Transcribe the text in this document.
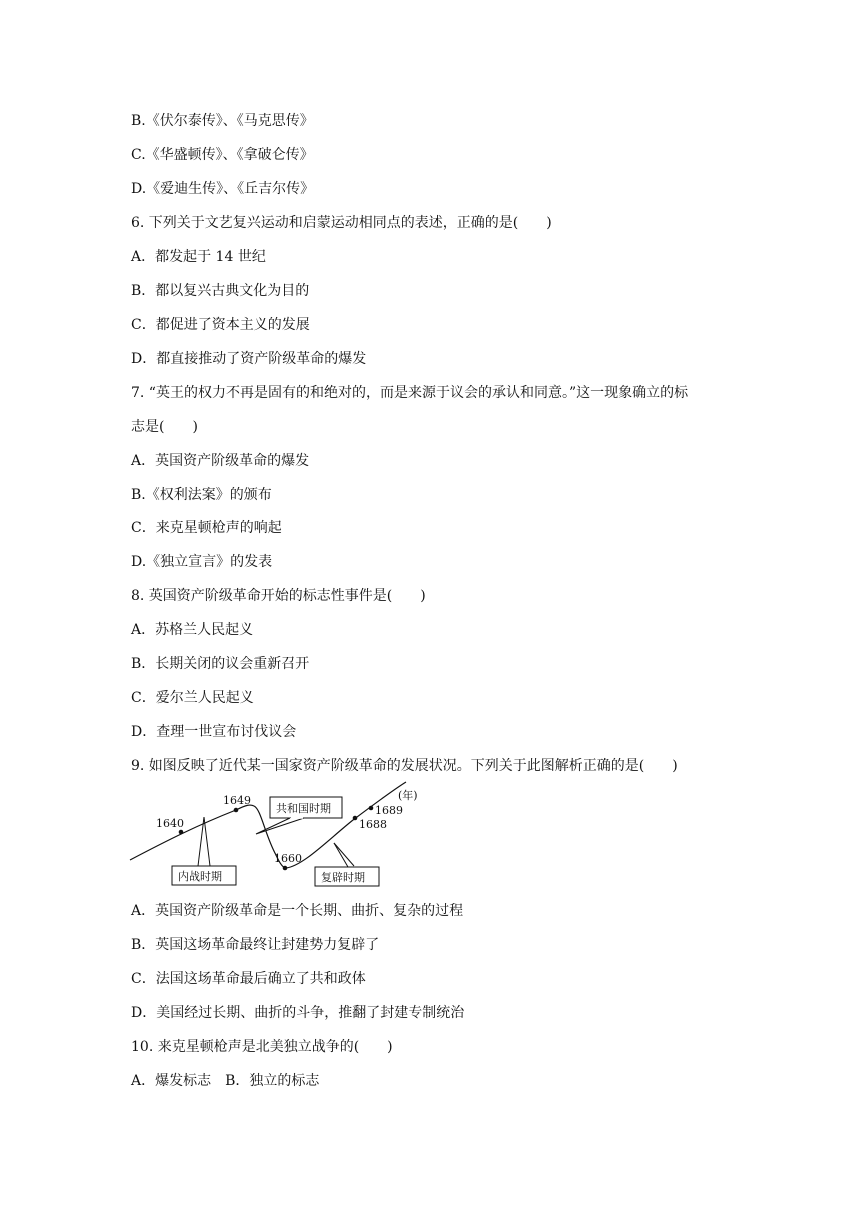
B.《伏尔泰传》、《马克思传》
C.《华盛顿传》、《拿破仑传》
D.《爱迪生传》、《丘吉尔传》
6. 下列关于文艺复兴运动和启蒙运动相同点的表述，正确的是(　　)
A．都发起于 14 世纪
B．都以复兴古典文化为目的
C．都促进了资本主义的发展
D．都直接推动了资产阶级革命的爆发
7. “英王的权力不再是固有的和绝对的，而是来源于议会的承认和同意。”这一现象确立的标
志是(　　)
A．英国资产阶级革命的爆发
B.《权利法案》的颁布
C．来克星顿枪声的响起
D.《独立宣言》的发表
8. 英国资产阶级革命开始的标志性事件是(　　)
A．苏格兰人民起义
B．长期关闭的议会重新召开
C．爱尔兰人民起义
D．查理一世宣布讨伐议会
9. 如图反映了近代某一国家资产阶级革命的发展状况。下列关于此图解析正确的是(　　)
A．英国资产阶级革命是一个长期、曲折、复杂的过程
B．英国这场革命最终让封建势力复辟了
C．法国这场革命最后确立了共和政体
D．美国经过长期、曲折的斗争，推翻了封建专制统治
10. 来克星顿枪声是北美独立战争的(　　)
A．爆发标志　B．独立的标志
1640
1649
1660
1688
1689
(年)
共和国时期
内战时期	复辟时期
